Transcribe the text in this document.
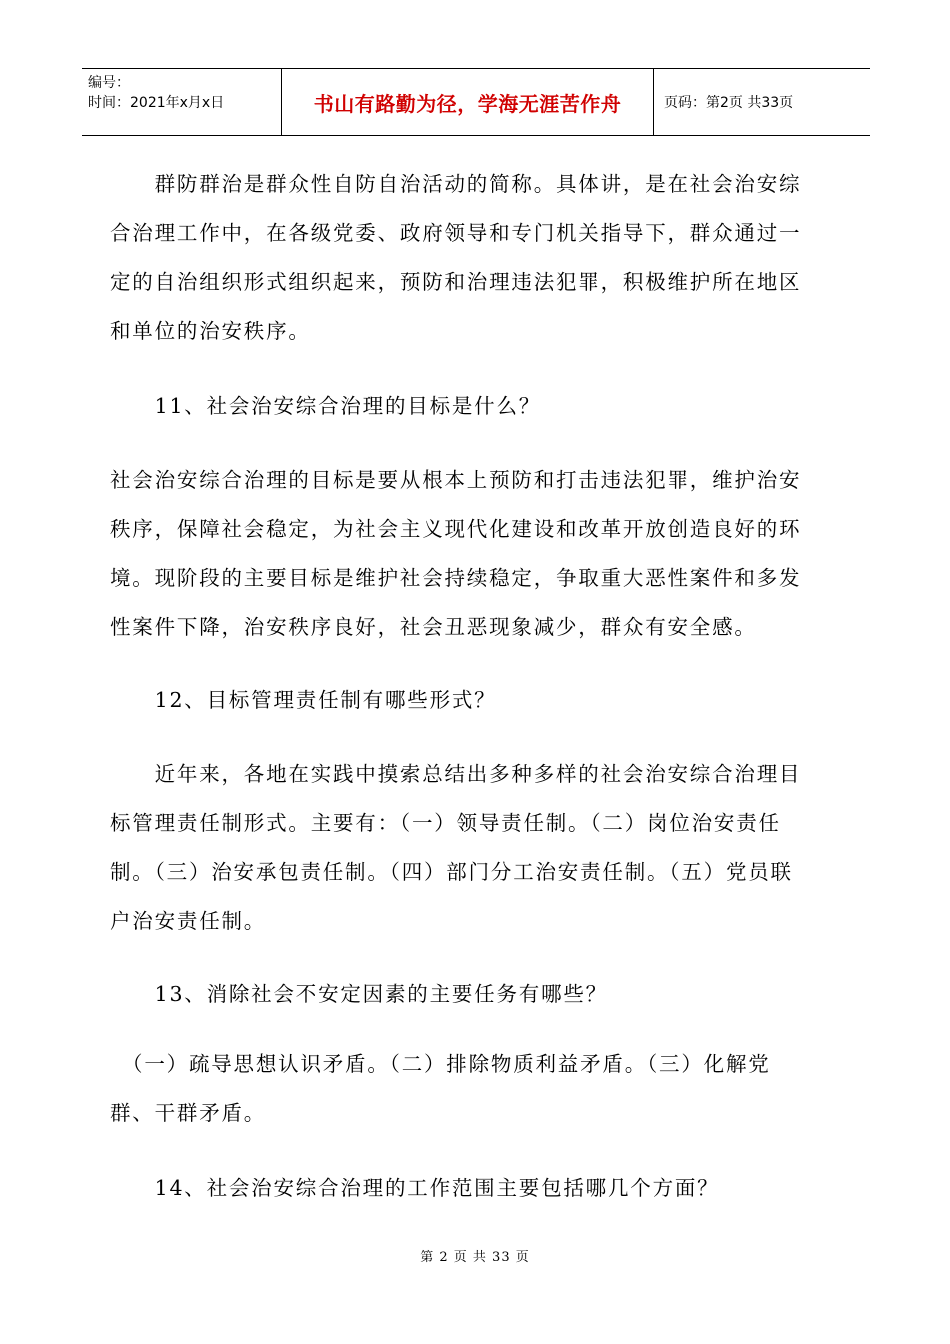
编号：
时间：2021年x月x日	书山有路勤为径，学海无涯苦作舟	页码：第2页 共33页

　　群防群治是群众性自防自治活动的简称。具体讲，是在社会治安综合治理工作中，在各级党委、政府领导和专门机关指导下，群众通过一定的自治组织形式组织起来，预防和治理违法犯罪，积极维护所在地区和单位的治安秩序。

　　11、社会治安综合治理的目标是什么？

社会治安综合治理的目标是要从根本上预防和打击违法犯罪，维护治安秩序，保障社会稳定，为社会主义现代化建设和改革开放创造良好的环境。现阶段的主要目标是维护社会持续稳定，争取重大恶性案件和多发性案件下降，治安秩序良好，社会丑恶现象减少，群众有安全感。

　　12、目标管理责任制有哪些形式？

　　近年来，各地在实践中摸索总结出多种多样的社会治安综合治理目标管理责任制形式。主要有：（一）领导责任制。（二）岗位治安责任制。（三）治安承包责任制。（四）部门分工治安责任制。（五）党员联户治安责任制。

　　13、消除社会不安定因素的主要任务有哪些？

　（一）疏导思想认识矛盾。（二）排除物质利益矛盾。（三）化解党群、干群矛盾。

　　14、社会治安综合治理的工作范围主要包括哪几个方面？

第 2 页 共 33 页
